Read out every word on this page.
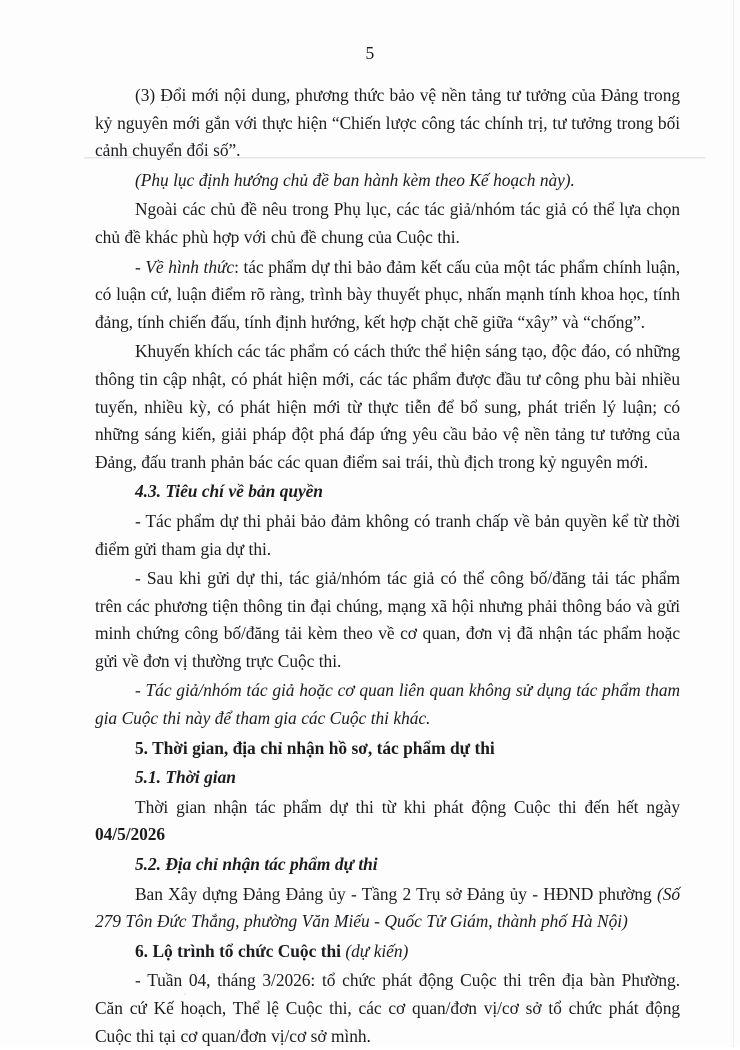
5

(3) Đổi mới nội dung, phương thức bảo vệ nền tảng tư tưởng của Đảng trong kỷ nguyên mới gắn với thực hiện “Chiến lược công tác chính trị, tư tưởng trong bối cảnh chuyển đổi số”.

(Phụ lục định hướng chủ đề ban hành kèm theo Kế hoạch này).

Ngoài các chủ đề nêu trong Phụ lục, các tác giả/nhóm tác giả có thể lựa chọn chủ đề khác phù hợp với chủ đề chung của Cuộc thi.

- Về hình thức: tác phẩm dự thi bảo đảm kết cấu của một tác phẩm chính luận, có luận cứ, luận điểm rõ ràng, trình bày thuyết phục, nhấn mạnh tính khoa học, tính đảng, tính chiến đấu, tính định hướng, kết hợp chặt chẽ giữa “xây” và “chống”.

Khuyến khích các tác phẩm có cách thức thể hiện sáng tạo, độc đáo, có những thông tin cập nhật, có phát hiện mới, các tác phẩm được đầu tư công phu bài nhiều tuyến, nhiều kỳ, có phát hiện mới từ thực tiễn để bổ sung, phát triển lý luận; có những sáng kiến, giải pháp đột phá đáp ứng yêu cầu bảo vệ nền tảng tư tưởng của Đảng, đấu tranh phản bác các quan điểm sai trái, thù địch trong kỷ nguyên mới.

4.3. Tiêu chí về bản quyền

- Tác phẩm dự thi phải bảo đảm không có tranh chấp về bản quyền kể từ thời điểm gửi tham gia dự thi.

- Sau khi gửi dự thi, tác giả/nhóm tác giả có thể công bố/đăng tải tác phẩm trên các phương tiện thông tin đại chúng, mạng xã hội nhưng phải thông báo và gửi minh chứng công bố/đăng tải kèm theo về cơ quan, đơn vị đã nhận tác phẩm hoặc gửi về đơn vị thường trực Cuộc thi.

- Tác giả/nhóm tác giả hoặc cơ quan liên quan không sử dụng tác phẩm tham gia Cuộc thi này để tham gia các Cuộc thi khác.

5. Thời gian, địa chỉ nhận hồ sơ, tác phẩm dự thi

5.1. Thời gian

Thời gian nhận tác phẩm dự thi từ khi phát động Cuộc thi đến hết ngày 04/5/2026

5.2. Địa chỉ nhận tác phẩm dự thi

Ban Xây dựng Đảng Đảng ủy - Tầng 2 Trụ sở Đảng ủy - HĐND phường (Số 279 Tôn Đức Thắng, phường Văn Miếu - Quốc Tử Giám, thành phố Hà Nội)

6. Lộ trình tổ chức Cuộc thi (dự kiến)

- Tuần 04, tháng 3/2026: tổ chức phát động Cuộc thi trên địa bàn Phường. Căn cứ Kế hoạch, Thể lệ Cuộc thi, các cơ quan/đơn vị/cơ sở tổ chức phát động Cuộc thi tại cơ quan/đơn vị/cơ sở mình.
